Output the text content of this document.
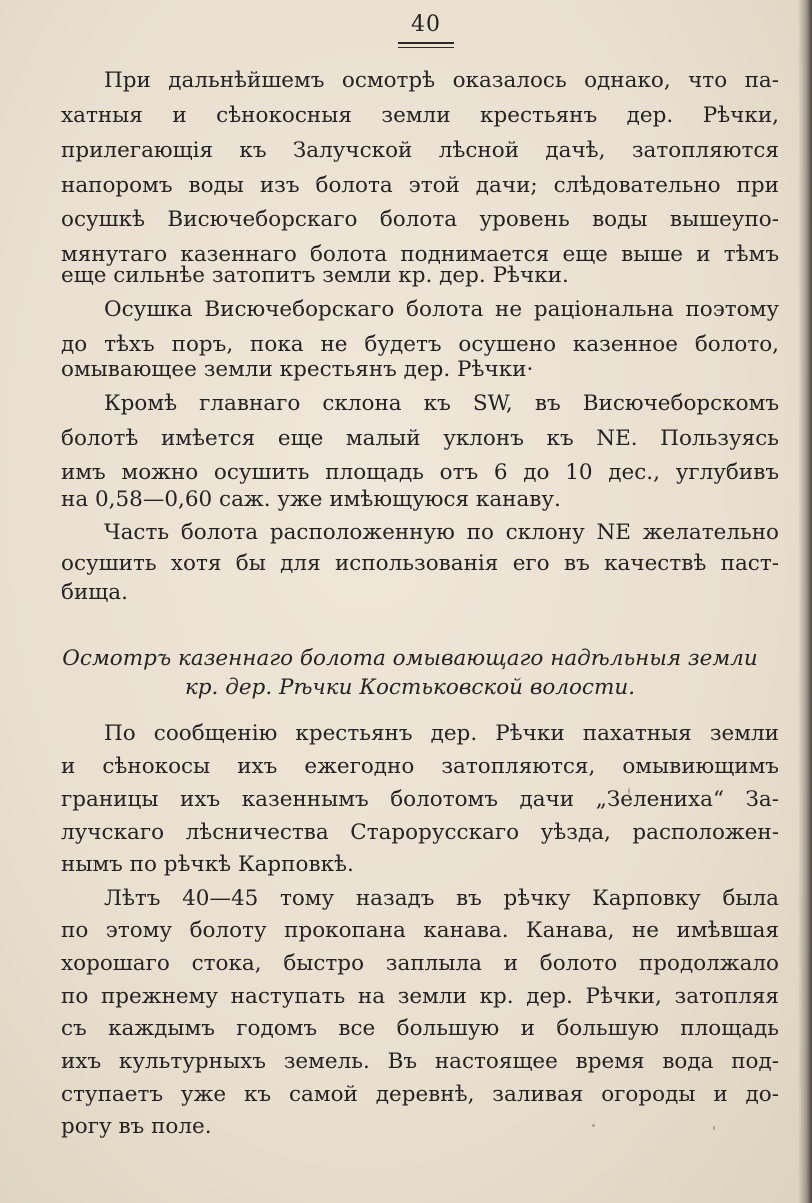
40
При дальнѣйшемъ осмотрѣ оказалось однако, что па-
хатныя и сѣнокосныя земли крестьянъ дер. Рѣчки,
прилегающія къ Залучской лѣсной дачѣ, затопляются
напоромъ воды изъ болота этой дачи; слѣдовательно при
осушкѣ Висючеборскаго болота уровень воды вышеупо-
мянутаго казеннаго болота поднимается еще выше и тѣмъ
еще сильнѣе затопитъ земли кр. дер. Рѣчки.
Осушка Висючеборскаго болота не раціональна поэтому
до тѣхъ поръ, пока не будетъ осушено казенное болото,
омывающее земли крестьянъ дер. Рѣчки·
Кромѣ главнаго склона къ SW, въ Висючеборскомъ
болотѣ имѣется еще малый уклонъ къ NE. Пользуясь
имъ можно осушить площадь отъ 6 до 10 дес., углубивъ
на 0,58—0,60 саж. уже имѣющуюся канаву.
Часть болота расположенную по склону NE желательно
осушить хотя бы для использованія его въ качествѣ паст-
бища.
Осмотръ казеннаго болота омывающаго надѣльныя земли
кр. дер. Рѣчки Костьковской волости.
По сообщенію крестьянъ дер. Рѣчки пахатныя земли
и сѣнокосы ихъ ежегодно затопляются, омывиющимъ
границы ихъ казеннымъ болотомъ дачи „Зелениха“ За-
лучскаго лѣсничества Старорусскаго уѣзда, расположен-
нымъ по рѣчкѣ Карповкѣ.
Лѣтъ 40—45 тому назадъ въ рѣчку Карповку была
по этому болоту прокопана канава. Канава, не имѣвшая
хорошаго стока, быстро заплыла и болото продолжало
по прежнему наступать на земли кр. дер. Рѣчки, затопляя
съ каждымъ годомъ все большую и большую площадь
ихъ культурныхъ земель. Въ настоящее время вода под-
ступаетъ уже къ самой деревнѣ, заливая огороды и до-
рогу въ поле.
